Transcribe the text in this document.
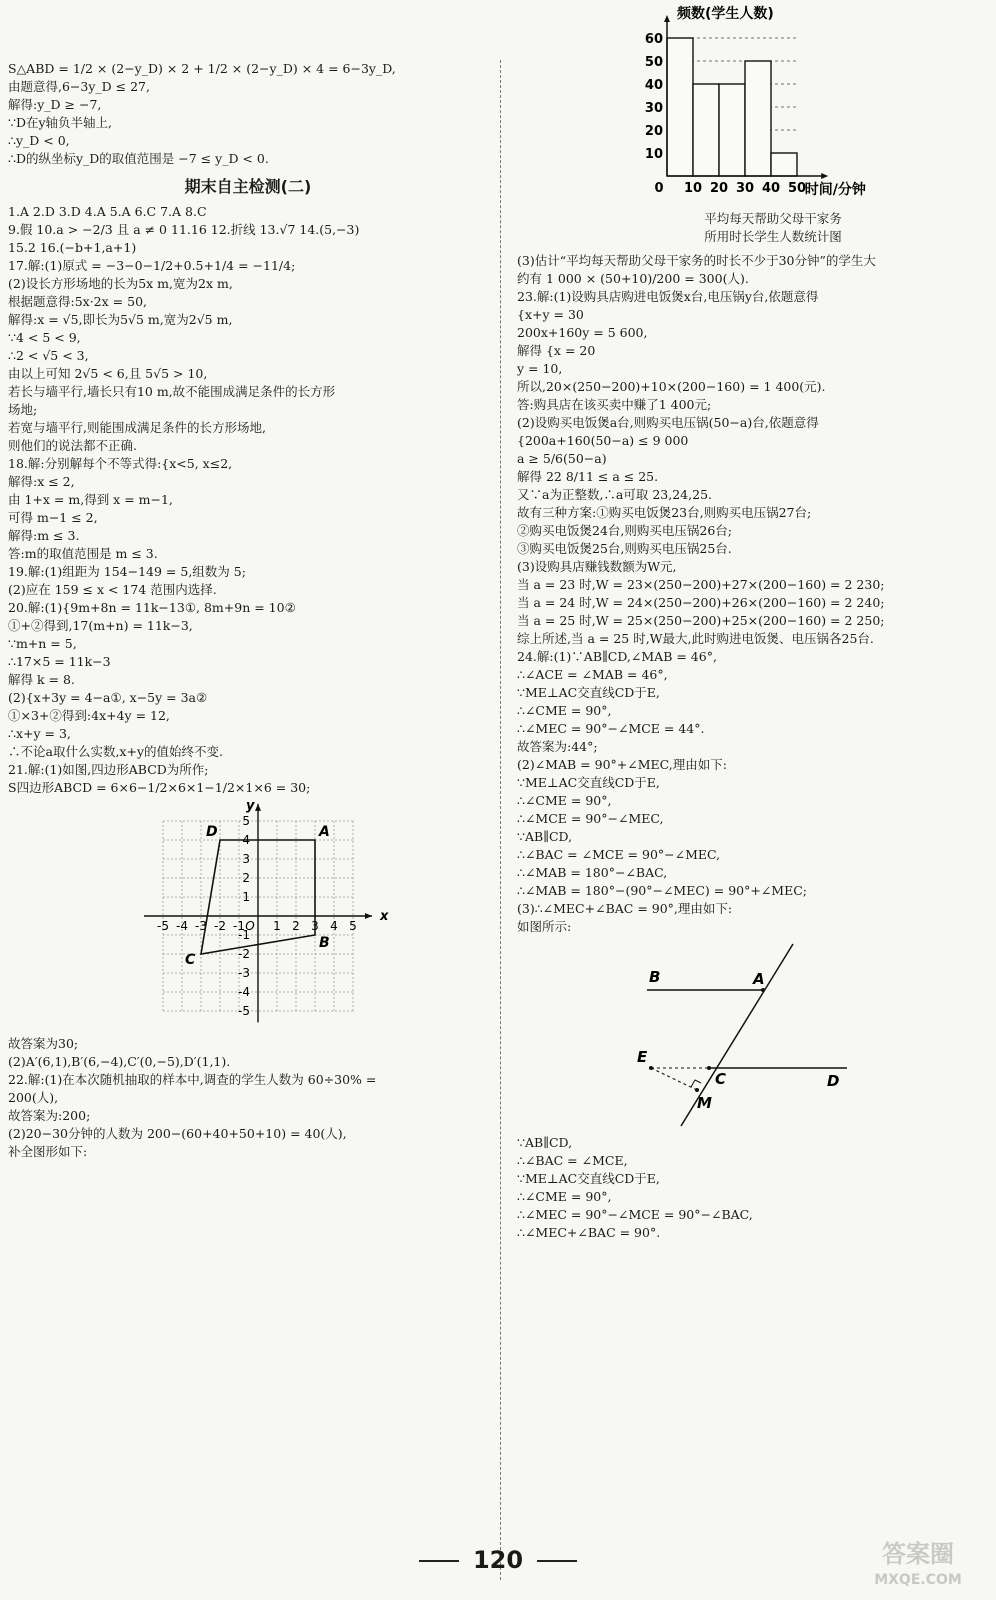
S△ABD = 1/2 × (2−y_D) × 2 + 1/2 × (2−y_D) × 4 = 6−3y_D,
由题意得,6−3y_D ≤ 27,
解得:y_D ≥ −7,
∵D在y轴负半轴上,
∴y_D < 0,
∴D的纵坐标y_D的取值范围是 −7 ≤ y_D < 0.
期末自主检测(二)
1.A 2.D 3.D 4.A 5.A 6.C 7.A 8.C
9.假 10.a > −2/3 且 a ≠ 0 11.16 12.折线 13.√7 14.(5,−3)
15.2 16.(−b+1,a+1)
17.解:(1)原式 = −3−0−1/2+0.5+1/4 = −11/4;
(2)设长方形场地的长为5x m,宽为2x m,
根据题意得:5x·2x = 50,
解得:x = √5,即长为5√5 m,宽为2√5 m,
∵4 < 5 < 9,
∴2 < √5 < 3,
由以上可知 2√5 < 6,且 5√5 > 10,
若长与墙平行,墙长只有10 m,故不能围成满足条件的长方形
场地;
若宽与墙平行,则能围成满足条件的长方形场地,
则他们的说法都不正确.
18.解:分别解每个不等式得:{x<5, x≤2,
解得:x ≤ 2,
由 1+x = m,得到 x = m−1,
可得 m−1 ≤ 2,
解得:m ≤ 3.
答:m的取值范围是 m ≤ 3.
19.解:(1)组距为 154−149 = 5,组数为 5;
(2)应在 159 ≤ x < 174 范围内选择.
20.解:(1){9m+8n = 11k−13①, 8m+9n = 10②
①+②得到,17(m+n) = 11k−3,
∵m+n = 5,
∴17×5 = 11k−3
解得 k = 8.
(2){x+3y = 4−a①, x−5y = 3a②
①×3+②得到:4x+4y = 12,
∴x+y = 3,
∴不论a取什么实数,x+y的值始终不变.
21.解:(1)如图,四边形ABCD为所作;
S四边形ABCD = 6×6−1/2×6×1−1/2×1×6 = 30;
-5 -4 -3 -2 -1 O 1 2 3 4 5
5
4
3
2
1
-1
-2
-3
-4
-5
x
y
A
B
C
D
故答案为30;
(2)A′(6,1),B′(6,−4),C′(0,−5),D′(1,1).
22.解:(1)在本次随机抽取的样本中,调查的学生人数为 60÷30% =
200(人),
故答案为:200;
(2)20−30分钟的人数为 200−(60+40+50+10) = 40(人),
补全图形如下:
10
20
30
40
50
60
0 10 20 30 40 50
频数(学生人数)
时间/分钟
平均每天帮助父母干家务
所用时长学生人数统计图
(3)估计“平均每天帮助父母干家务的时长不少于30分钟”的学生大
约有 1 000 × (50+10)/200 = 300(人).
23.解:(1)设购具店购进电饭煲x台,电压锅y台,依题意得
{x+y = 30
200x+160y = 5 600,
解得 {x = 20
y = 10,
所以,20×(250−200)+10×(200−160) = 1 400(元).
答:购具店在该买卖中赚了1 400元;
(2)设购买电饭煲a台,则购买电压锅(50−a)台,依题意得
{200a+160(50−a) ≤ 9 000
a ≥ 5/6(50−a)
解得 22 8/11 ≤ a ≤ 25.
又∵a为正整数,∴a可取 23,24,25.
故有三种方案:①购买电饭煲23台,则购买电压锅27台;
②购买电饭煲24台,则购买电压锅26台;
③购买电饭煲25台,则购买电压锅25台.
(3)设购具店赚钱数额为W元,
当 a = 23 时,W = 23×(250−200)+27×(200−160) = 2 230;
当 a = 24 时,W = 24×(250−200)+26×(200−160) = 2 240;
当 a = 25 时,W = 25×(250−200)+25×(200−160) = 2 250;
综上所述,当 a = 25 时,W最大,此时购进电饭煲、电压锅各25台.
24.解:(1)∵AB∥CD,∠MAB = 46°,
∴∠ACE = ∠MAB = 46°,
∵ME⊥AC交直线CD于E,
∴∠CME = 90°,
∴∠MEC = 90°−∠MCE = 44°.
故答案为:44°;
(2)∠MAB = 90°+∠MEC,理由如下:
∵ME⊥AC交直线CD于E,
∴∠CME = 90°,
∴∠MCE = 90°−∠MEC,
∵AB∥CD,
∴∠BAC = ∠MCE = 90°−∠MEC,
∴∠MAB = 180°−∠BAC,
∴∠MAB = 180°−(90°−∠MEC) = 90°+∠MEC;
(3)∴∠MEC+∠BAC = 90°,理由如下:
如图所示:
B	A
E
C	D
M
∵AB∥CD,
∴∠BAC = ∠MCE,
∵ME⊥AC交直线CD于E,
∴∠CME = 90°,
∴∠MEC = 90°−∠MCE = 90°−∠BAC,
∴∠MEC+∠BAC = 90°.
120	答案圈
MXQE.COM
